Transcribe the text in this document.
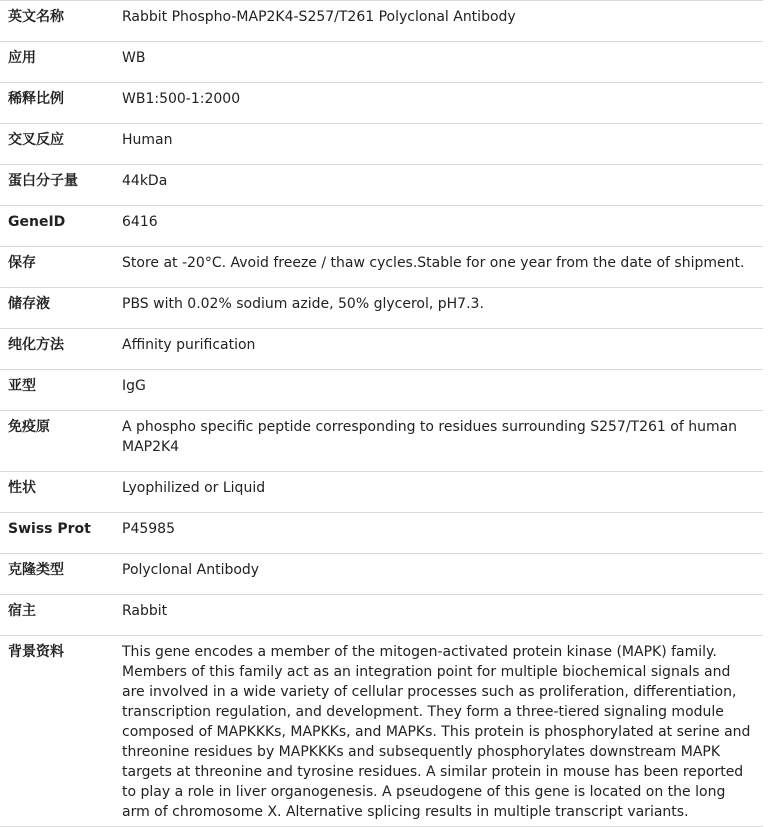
英文名称	Rabbit Phospho-MAP2K4-S257/T261 Polyclonal Antibody
应用	WB
稀释比例	WB1:500-1:2000
交叉反应	Human
蛋白分子量	44kDa
GeneID	6416
保存	Store at -20°C. Avoid freeze / thaw cycles.Stable for one year from the date of shipment.
储存液	PBS with 0.02% sodium azide, 50% glycerol, pH7.3.
纯化方法	Affinity purification
亚型	IgG
免疫原	A phospho specific peptide corresponding to residues surrounding S257/T261 of human MAP2K4
性状	Lyophilized or Liquid
Swiss Prot	P45985
克隆类型	Polyclonal Antibody
宿主	Rabbit
背景资料	This gene encodes a member of the mitogen-activated protein kinase (MAPK) family. Members of this family act as an integration point for multiple biochemical signals and are involved in a wide variety of cellular processes such as proliferation, differentiation, transcription regulation, and development. They form a three-tiered signaling module composed of MAPKKKs, MAPKKs, and MAPKs. This protein is phosphorylated at serine and threonine residues by MAPKKKs and subsequently phosphorylates downstream MAPK targets at threonine and tyrosine residues. A similar protein in mouse has been reported to play a role in liver organogenesis. A pseudogene of this gene is located on the long arm of chromosome X. Alternative splicing results in multiple transcript variants.
